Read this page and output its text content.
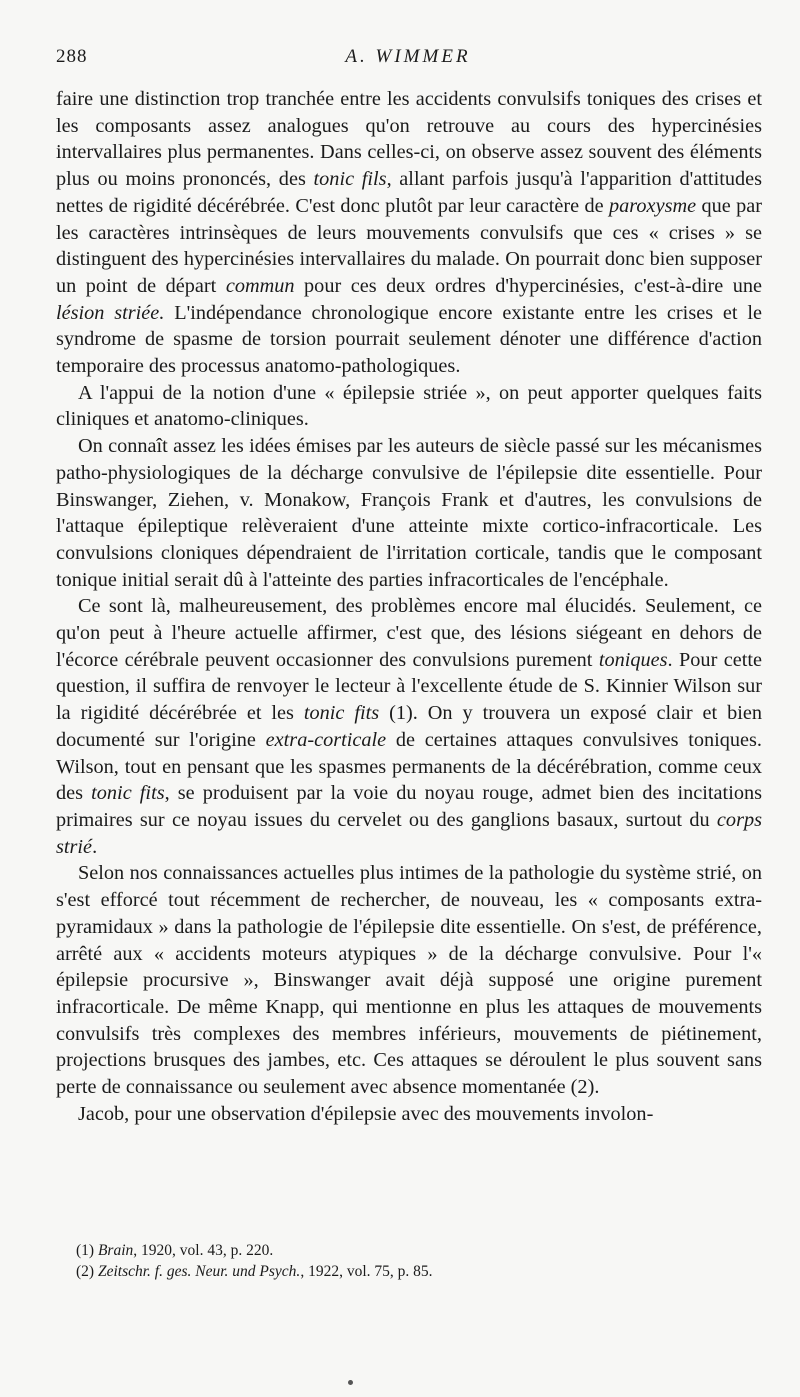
288	A. WIMMER

faire une distinction trop tranchée entre les accidents convulsifs toniques des crises et les composants assez analogues qu'on retrouve au cours des hypercinésies intervallaires plus permanentes. Dans celles-ci, on observe assez souvent des éléments plus ou moins prononcés, des tonic fils, allant parfois jusqu'à l'apparition d'attitudes nettes de rigidité décérébrée. C'est donc plutôt par leur caractère de paroxysme que par les caractères intrinsèques de leurs mouvements convulsifs que ces « crises » se distinguent des hypercinésies intervallaires du malade. On pourrait donc bien supposer un point de départ commun pour ces deux ordres d'hypercinésies, c'est-à-dire une lésion striée. L'indépendance chronologique encore existante entre les crises et le syndrome de spasme de torsion pourrait seulement dénoter une différence d'action temporaire des processus anatomo-pathologiques.

A l'appui de la notion d'une « épilepsie striée », on peut apporter quelques faits cliniques et anatomo-cliniques.

On connaît assez les idées émises par les auteurs de siècle passé sur les mécanismes patho-physiologiques de la décharge convulsive de l'épilepsie dite essentielle. Pour Binswanger, Ziehen, v. Monakow, François Frank et d'autres, les convulsions de l'attaque épileptique relèveraient d'une atteinte mixte cortico-infracorticale. Les convulsions cloniques dépendraient de l'irritation corticale, tandis que le composant tonique initial serait dû à l'atteinte des parties infracorticales de l'encéphale.

Ce sont là, malheureusement, des problèmes encore mal élucidés. Seulement, ce qu'on peut à l'heure actuelle affirmer, c'est que, des lésions siégeant en dehors de l'écorce cérébrale peuvent occasionner des convulsions purement toniques. Pour cette question, il suffira de renvoyer le lecteur à l'excellente étude de S. Kinnier Wilson sur la rigidité décérébrée et les tonic fits (1). On y trouvera un exposé clair et bien documenté sur l'origine extra-corticale de certaines attaques convulsives toniques. Wilson, tout en pensant que les spasmes permanents de la décérébration, comme ceux des tonic fits, se produisent par la voie du noyau rouge, admet bien des incitations primaires sur ce noyau issues du cervelet ou des ganglions basaux, surtout du corps strié.

Selon nos connaissances actuelles plus intimes de la pathologie du système strié, on s'est efforcé tout récemment de rechercher, de nouveau, les « composants extra-pyramidaux » dans la pathologie de l'épilepsie dite essentielle. On s'est, de préférence, arrêté aux « accidents moteurs atypiques » de la décharge convulsive. Pour l'« épilepsie procursive », Binswanger avait déjà supposé une origine purement infracorticale. De même Knapp, qui mentionne en plus les attaques de mouvements convulsifs très complexes des membres inférieurs, mouvements de piétinement, projections brusques des jambes, etc. Ces attaques se déroulent le plus souvent sans perte de connaissance ou seulement avec absence momentanée (2).

Jacob, pour une observation d'épilepsie avec des mouvements involon-

(1) Brain, 1920, vol. 43, p. 220.

(2) Zeitschr. f. ges. Neur. und Psych., 1922, vol. 75, p. 85.
